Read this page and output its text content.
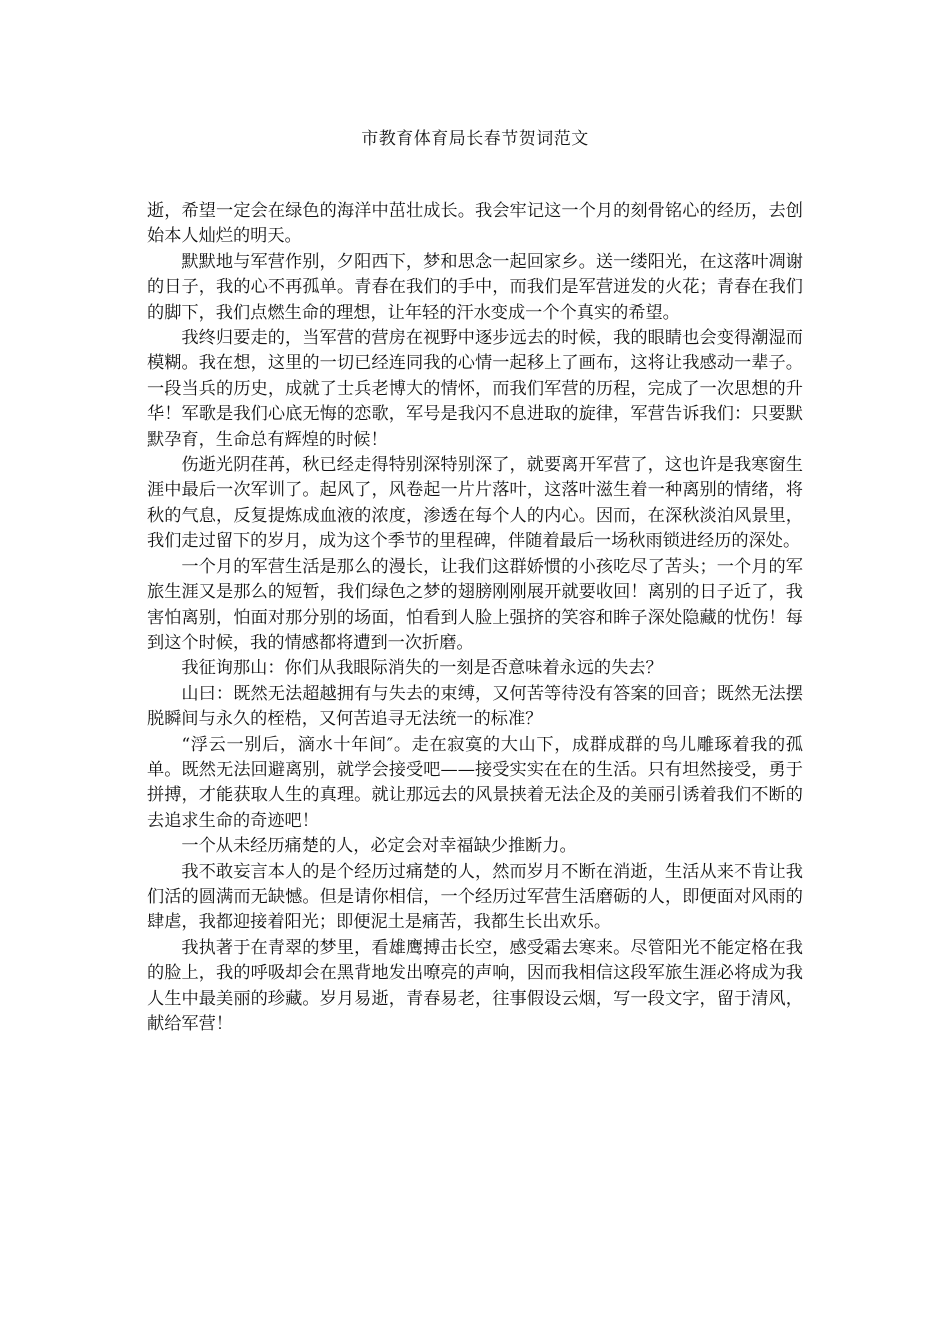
市教育体育局长春节贺词范文

逝，希望一定会在绿色的海洋中茁壮成长。我会牢记这一个月的刻骨铭心的经历，去创始本人灿烂的明天。

默默地与军营作别，夕阳西下，梦和思念一起回家乡。送一缕阳光，在这落叶凋谢的日子，我的心不再孤单。青春在我们的手中，而我们是军营迸发的火花；青春在我们的脚下，我们点燃生命的理想，让年轻的汗水变成一个个真实的希望。

我终归要走的，当军营的营房在视野中逐步远去的时候，我的眼睛也会变得潮湿而模糊。我在想，这里的一切已经连同我的心情一起移上了画布，这将让我感动一辈子。一段当兵的历史，成就了士兵老博大的情怀，而我们军营的历程，完成了一次思想的升华！军歌是我们心底无悔的恋歌，军号是我闪不息进取的旋律，军营告诉我们：只要默默孕育，生命总有辉煌的时候！

伤逝光阴荏苒，秋已经走得特别深特别深了，就要离开军营了，这也许是我寒窗生涯中最后一次军训了。起风了，风卷起一片片落叶，这落叶滋生着一种离别的情绪，将秋的气息，反复提炼成血液的浓度，渗透在每个人的内心。因而，在深秋淡泊风景里，我们走过留下的岁月，成为这个季节的里程碑，伴随着最后一场秋雨锁进经历的深处。

一个月的军营生活是那么的漫长，让我们这群娇惯的小孩吃尽了苦头；一个月的军旅生涯又是那么的短暂，我们绿色之梦的翅膀刚刚展开就要收回！离别的日子近了，我害怕离别，怕面对那分别的场面，怕看到人脸上强挤的笑容和眸子深处隐藏的忧伤！每到这个时候，我的情感都将遭到一次折磨。

我征询那山：你们从我眼际消失的一刻是否意味着永远的失去？

山曰：既然无法超越拥有与失去的束缚，又何苦等待没有答案的回音；既然无法摆脱瞬间与永久的桎梏，又何苦追寻无法统一的标准？

“浮云一别后，滴水十年间″。走在寂寞的大山下，成群成群的鸟儿雕琢着我的孤单。既然无法回避离别，就学会接受吧——接受实实在在的生活。只有坦然接受，勇于拼搏，才能获取人生的真理。就让那远去的风景挟着无法企及的美丽引诱着我们不断的去追求生命的奇迹吧！

一个从未经历痛楚的人，必定会对幸福缺少推断力。

我不敢妄言本人的是个经历过痛楚的人，然而岁月不断在消逝，生活从来不肯让我们活的圆满而无缺憾。但是请你相信，一个经历过军营生活磨砺的人，即便面对风雨的肆虐，我都迎接着阳光；即便泥土是痛苦，我都生长出欢乐。

我执著于在青翠的梦里，看雄鹰搏击长空，感受霜去寒来。尽管阳光不能定格在我的脸上，我的呼吸却会在黑背地发出嘹亮的声响，因而我相信这段军旅生涯必将成为我人生中最美丽的珍藏。岁月易逝，青春易老，往事假设云烟，写一段文字，留于清风，献给军营！
